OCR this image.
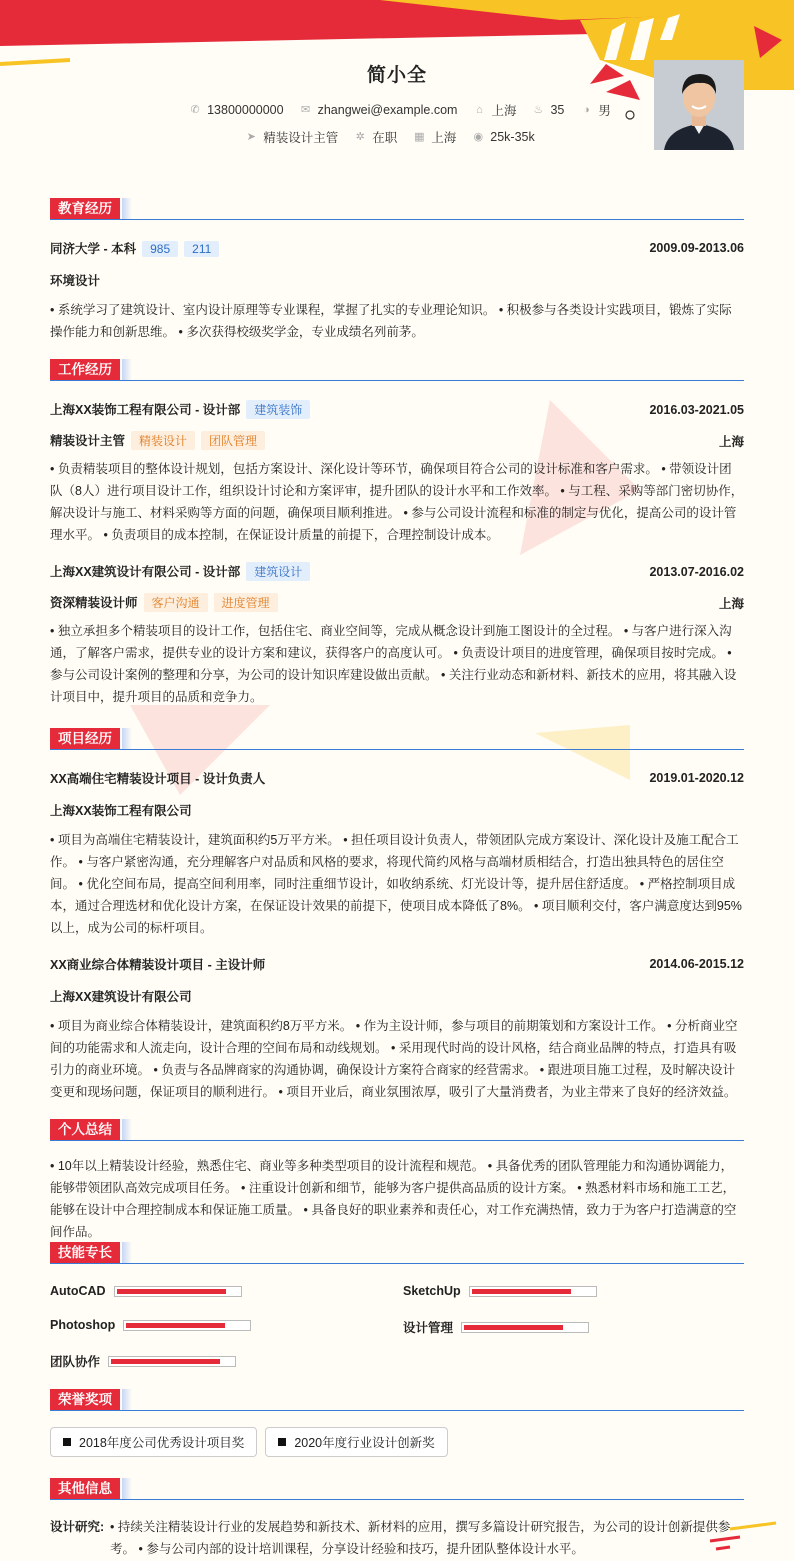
简小全
✆ 13800000000 ✉ zhangwei@example.com ⌂ 上海 ♨ 35 ◑ 男
➤ 精装设计主管 ✲ 在职 ▦ 上海 ◉ 25k-35k
教育经历
同济大学 - 本科 985 211	2009.09-2013.06
环境设计
• 系统学习了建筑设计、室内设计原理等专业课程，掌握了扎实的专业理论知识。 • 积极参与各类设计实践项目，锻炼了实际操作能力和创新思维。 • 多次获得校级奖学金，专业成绩名列前茅。
工作经历
上海XX装饰工程有限公司 - 设计部 建筑装饰	2016.03-2021.05
精装设计主管 精装设计 团队管理	上海
• 负责精装项目的整体设计规划，包括方案设计、深化设计等环节，确保项目符合公司的设计标准和客户需求。 • 带领设计团队（8人）进行项目设计工作，组织设计讨论和方案评审，提升团队的设计水平和工作效率。 • 与工程、采购等部门密切协作，解决设计与施工、材料采购等方面的问题，确保项目顺利推进。 • 参与公司设计流程和标准的制定与优化，提高公司的设计管理水平。 • 负责项目的成本控制，在保证设计质量的前提下，合理控制设计成本。
上海XX建筑设计有限公司 - 设计部 建筑设计	2013.07-2016.02
资深精装设计师 客户沟通 进度管理	上海
• 独立承担多个精装项目的设计工作，包括住宅、商业空间等，完成从概念设计到施工图设计的全过程。 • 与客户进行深入沟通，了解客户需求，提供专业的设计方案和建议，获得客户的高度认可。 • 负责设计项目的进度管理，确保项目按时完成。 • 参与公司设计案例的整理和分享，为公司的设计知识库建设做出贡献。 • 关注行业动态和新材料、新技术的应用，将其融入设计项目中，提升项目的品质和竞争力。
项目经历
XX高端住宅精装设计项目 - 设计负责人	2019.01-2020.12
上海XX装饰工程有限公司
• 项目为高端住宅精装设计，建筑面积约5万平方米。 • 担任项目设计负责人，带领团队完成方案设计、深化设计及施工配合工作。 • 与客户紧密沟通，充分理解客户对品质和风格的要求，将现代简约风格与高端材质相结合，打造出独具特色的居住空间。 • 优化空间布局，提高空间利用率，同时注重细节设计，如收纳系统、灯光设计等，提升居住舒适度。 • 严格控制项目成本，通过合理选材和优化设计方案，在保证设计效果的前提下，使项目成本降低了8%。 • 项目顺利交付，客户满意度达到95%以上，成为公司的标杆项目。
XX商业综合体精装设计项目 - 主设计师	2014.06-2015.12
上海XX建筑设计有限公司
• 项目为商业综合体精装设计，建筑面积约8万平方米。 • 作为主设计师，参与项目的前期策划和方案设计工作。 • 分析商业空间的功能需求和人流走向，设计合理的空间布局和动线规划。 • 采用现代时尚的设计风格，结合商业品牌的特点，打造具有吸引力的商业环境。 • 负责与各品牌商家的沟通协调，确保设计方案符合商家的经营需求。 • 跟进项目施工过程，及时解决设计变更和现场问题，保证项目的顺利进行。 • 项目开业后，商业氛围浓厚，吸引了大量消费者，为业主带来了良好的经济效益。
个人总结
• 10年以上精装设计经验，熟悉住宅、商业等多种类型项目的设计流程和规范。 • 具备优秀的团队管理能力和沟通协调能力，能够带领团队高效完成项目任务。 • 注重设计创新和细节，能够为客户提供高品质的设计方案。 • 熟悉材料市场和施工工艺，能够在设计中合理控制成本和保证施工质量。 • 具备良好的职业素养和责任心，对工作充满热情，致力于为客户打造满意的空间作品。
技能专长
AutoCAD	SketchUp
Photoshop	设计管理
团队协作
荣誉奖项
2018年度公司优秀设计项目奖	2020年度行业设计创新奖
其他信息
设计研究: • 持续关注精装设计行业的发展趋势和新技术、新材料的应用，撰写多篇设计研究报告，为公司的设计创新提供参考。 • 参与公司内部的设计培训课程，分享设计经验和技巧，提升团队整体设计水平。
